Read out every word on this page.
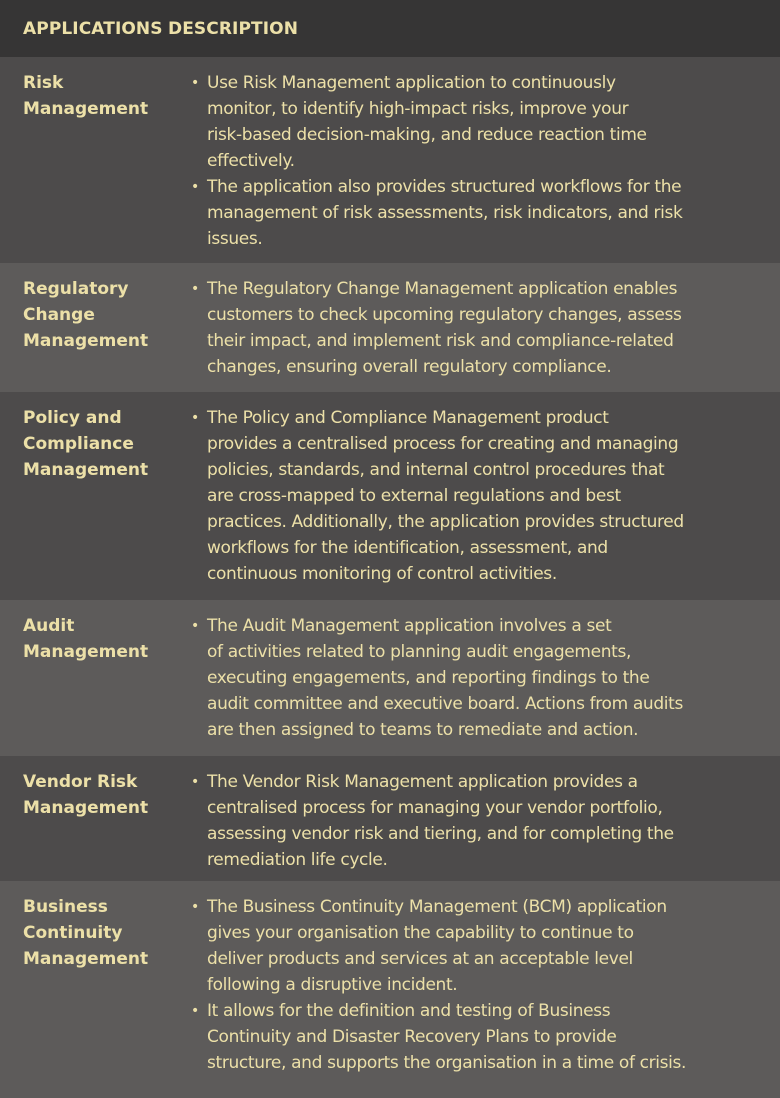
APPLICATIONS DESCRIPTION
Risk
Management
• Use Risk Management application to continuously
monitor, to identify high-impact risks, improve your
risk-based decision-making, and reduce reaction time
effectively.
• The application also provides structured workflows for the
management of risk assessments, risk indicators, and risk
issues.
Regulatory
Change
Management
• The Regulatory Change Management application enables
customers to check upcoming regulatory changes, assess
their impact, and implement risk and compliance-related
changes, ensuring overall regulatory compliance.
Policy and
Compliance
Management
• The Policy and Compliance Management product
provides a centralised process for creating and managing
policies, standards, and internal control procedures that
are cross-mapped to external regulations and best
practices. Additionally, the application provides structured
workflows for the identification, assessment, and
continuous monitoring of control activities.
Audit
Management
• The Audit Management application involves a set
of activities related to planning audit engagements,
executing engagements, and reporting findings to the
audit committee and executive board. Actions from audits
are then assigned to teams to remediate and action.
Vendor Risk
Management
• The Vendor Risk Management application provides a
centralised process for managing your vendor portfolio,
assessing vendor risk and tiering, and for completing the
remediation life cycle.
Business
Continuity
Management
• The Business Continuity Management (BCM) application
gives your organisation the capability to continue to
deliver products and services at an acceptable level
following a disruptive incident.
• It allows for the definition and testing of Business
Continuity and Disaster Recovery Plans to provide
structure, and supports the organisation in a time of crisis.
